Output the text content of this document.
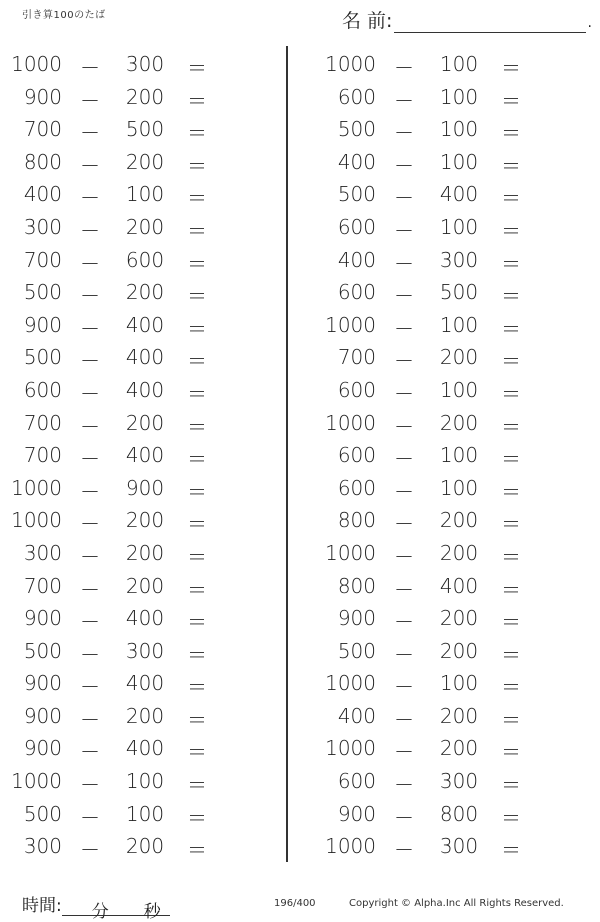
引き算100のたば	名 前:	.
1000 －	300	＝
900 －	200	＝
700 －	500	＝
800 －	200	＝
400 －	100	＝
300 －	200	＝
700 －	600	＝
500 －	200	＝
900 －	400	＝
500 －	400	＝
600 －	400	＝
700 －	200	＝
700 －	400	＝
1000 －	900	＝
1000 －	200	＝
300 －	200	＝
700 －	200	＝
900 －	400	＝
500 －	300	＝
900 －	400	＝
900 －	200	＝
900 －	400	＝
1000 －	100	＝
500 －	100	＝
300 －	200	＝
1000 －	100	＝
600 －	100	＝
500 －	100	＝
400 －	100	＝
500 －	400	＝
600 －	100	＝
400 －	300	＝
600 －	500	＝
1000 －	100	＝
700 －	200	＝
600 －	100	＝
1000 －	200	＝
600 －	100	＝
600 －	100	＝
800 －	200	＝
1000 －	200	＝
800 －	400	＝
900 －	200	＝
500 －	200	＝
1000 －	100	＝
400 －	200	＝
1000 －	200	＝
600 －	300	＝
900 －	800	＝
1000 －	300	＝
時間: 分 秒	196/400	Copyright © Alpha.Inc All Rights Reserved.
